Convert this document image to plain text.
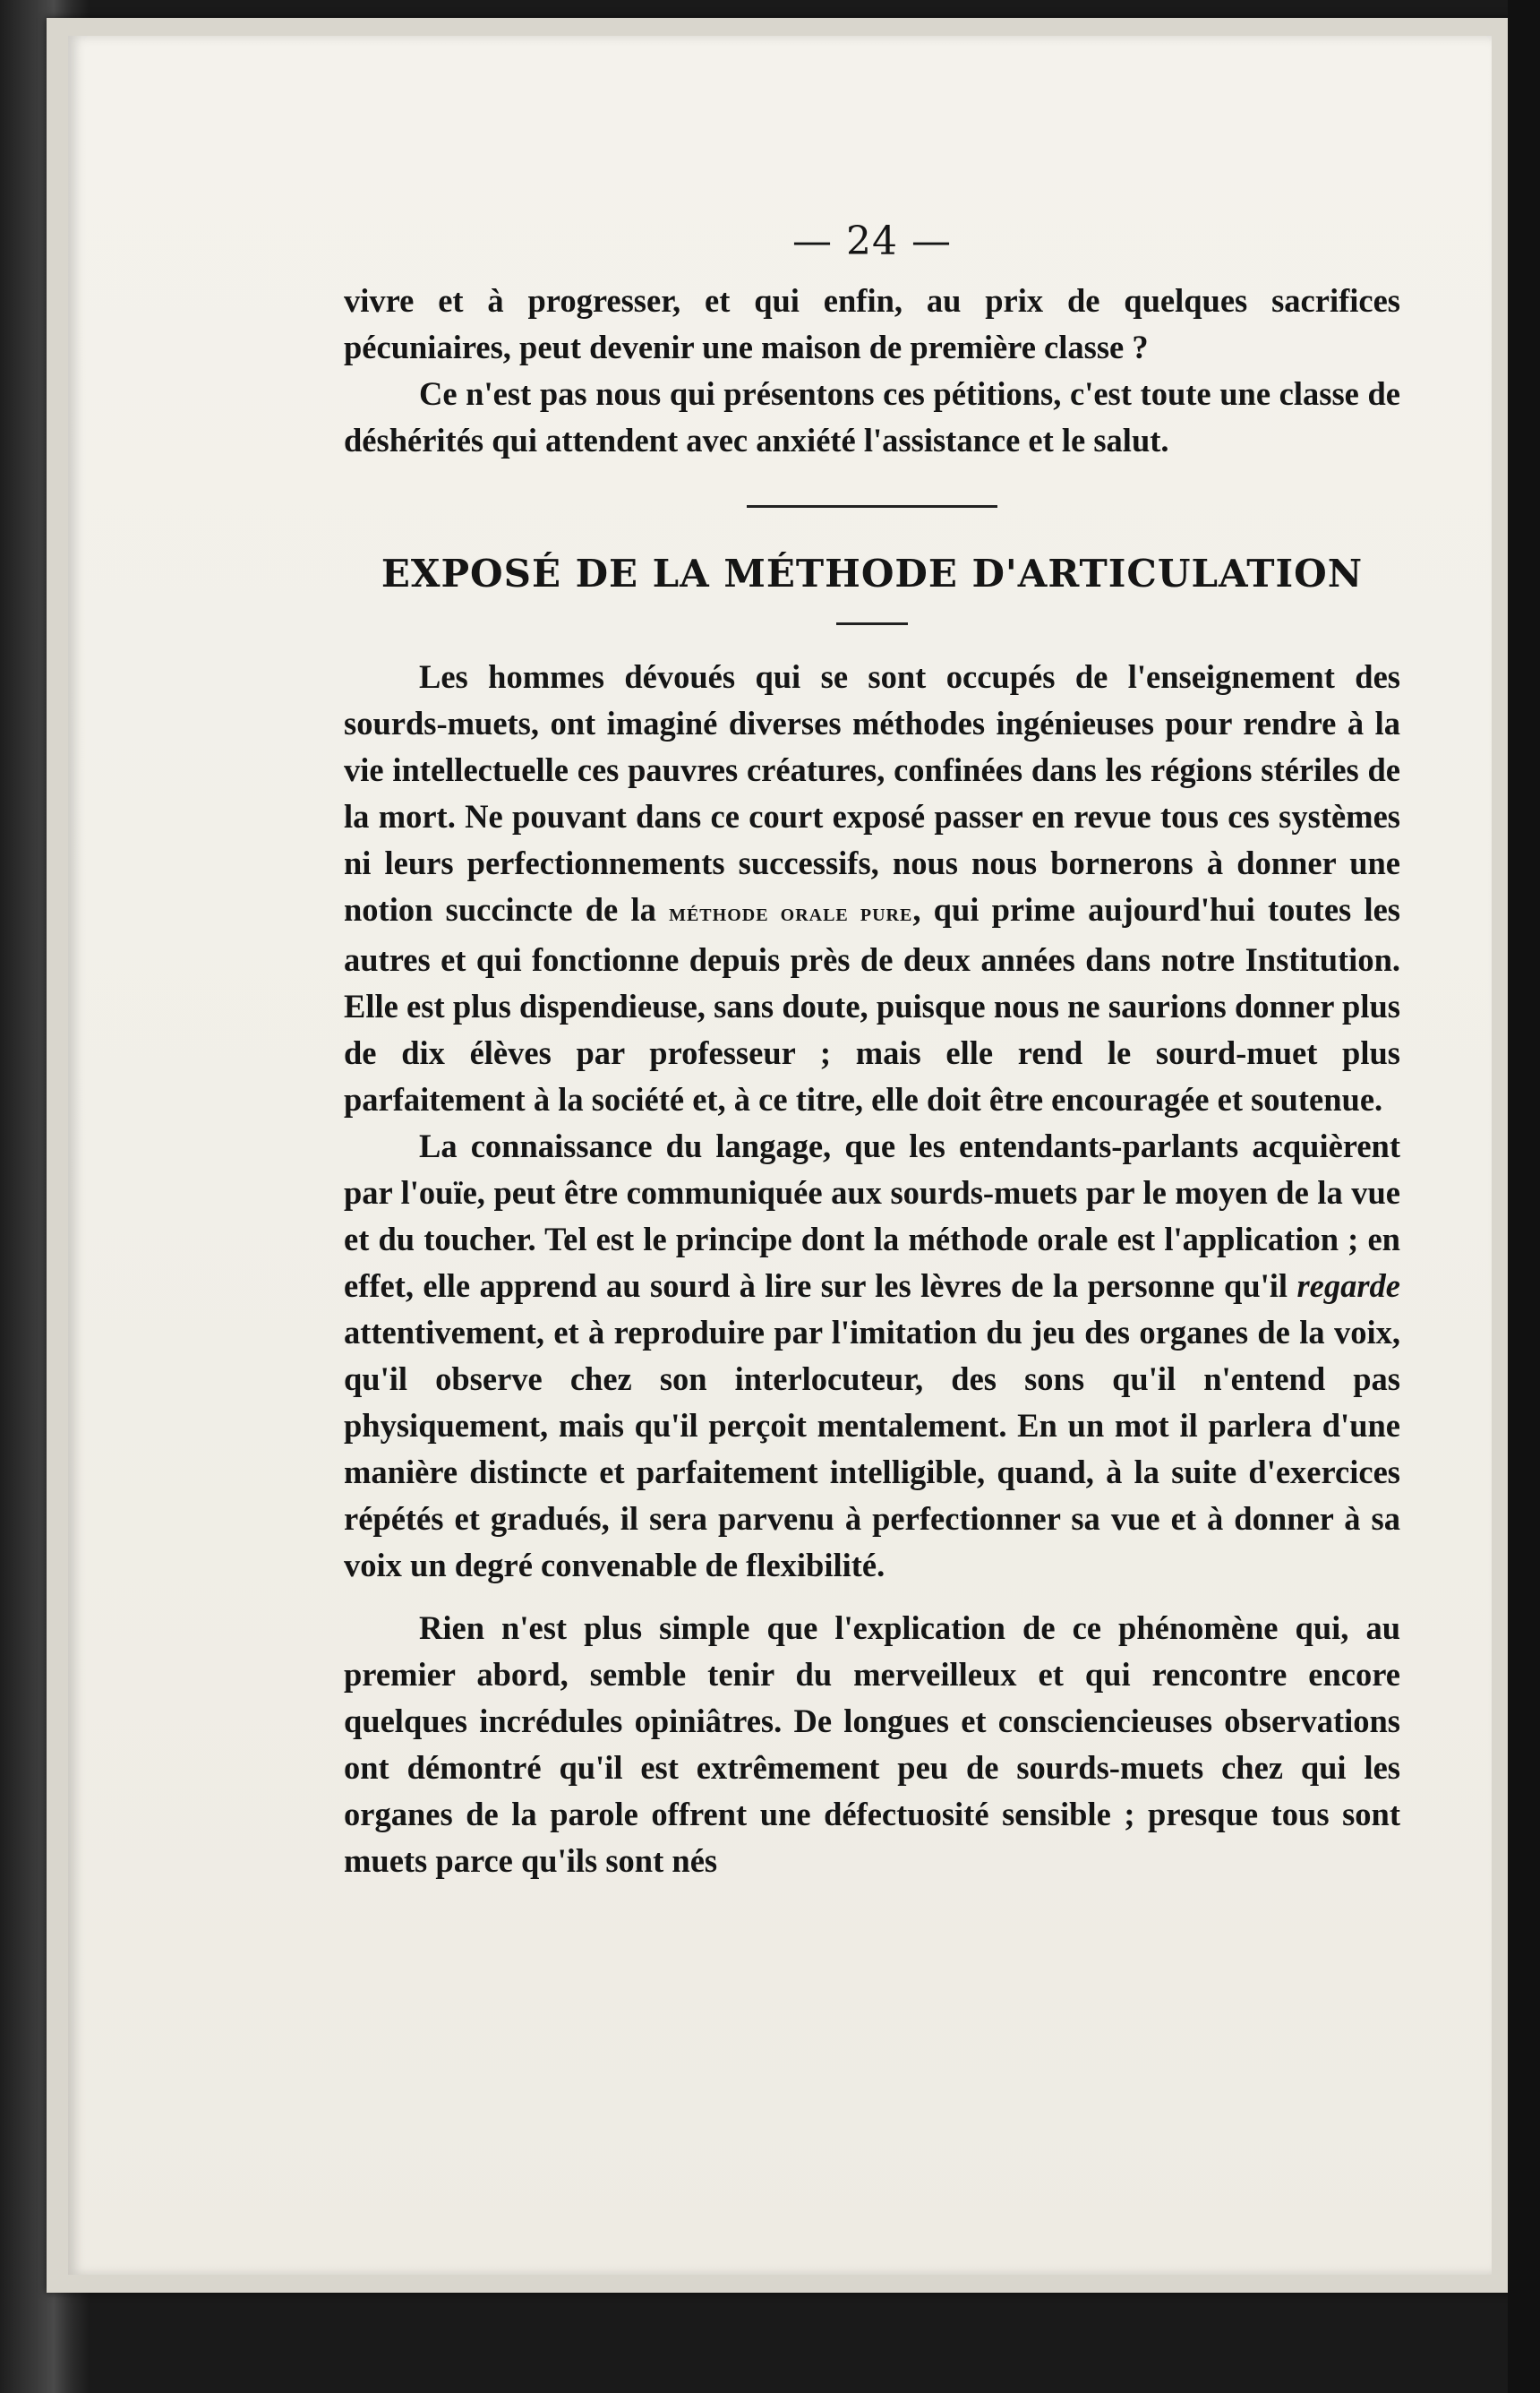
— 24 —

vivre et à progresser, et qui enfin, au prix de quelques sacrifices pécuniaires, peut devenir une maison de première classe ?

Ce n'est pas nous qui présentons ces pétitions, c'est toute une classe de déshérités qui attendent avec anxiété l'assistance et le salut.

EXPOSÉ DE LA MÉTHODE D'ARTICULATION

Les hommes dévoués qui se sont occupés de l'enseignement des sourds-muets, ont imaginé diverses méthodes ingénieuses pour rendre à la vie intellectuelle ces pauvres créatures, confinées dans les régions stériles de la mort. Ne pouvant dans ce court exposé passer en revue tous ces systèmes ni leurs perfectionnements successifs, nous nous bornerons à donner une notion succincte de la méthode orale pure, qui prime aujourd'hui toutes les autres et qui fonctionne depuis près de deux années dans notre Institution. Elle est plus dispendieuse, sans doute, puisque nous ne saurions donner plus de dix élèves par professeur ; mais elle rend le sourd-muet plus parfaitement à la société et, à ce titre, elle doit être encouragée et soutenue.

La connaissance du langage, que les entendants-parlants acquièrent par l'ouïe, peut être communiquée aux sourds-muets par le moyen de la vue et du toucher. Tel est le principe dont la méthode orale est l'application ; en effet, elle apprend au sourd à lire sur les lèvres de la personne qu'il regarde attentivement, et à reproduire par l'imitation du jeu des organes de la voix, qu'il observe chez son interlocuteur, des sons qu'il n'entend pas physiquement, mais qu'il perçoit mentalement. En un mot il parlera d'une manière distincte et parfaitement intelligible, quand, à la suite d'exercices répétés et gradués, il sera parvenu à perfectionner sa vue et à donner à sa voix un degré convenable de flexibilité.

Rien n'est plus simple que l'explication de ce phénomène qui, au premier abord, semble tenir du merveilleux et qui rencontre encore quelques incrédules opiniâtres. De longues et consciencieuses observations ont démontré qu'il est extrêmement peu de sourds-muets chez qui les organes de la parole offrent une défectuosité sensible ; presque tous sont muets parce qu'ils sont nés
